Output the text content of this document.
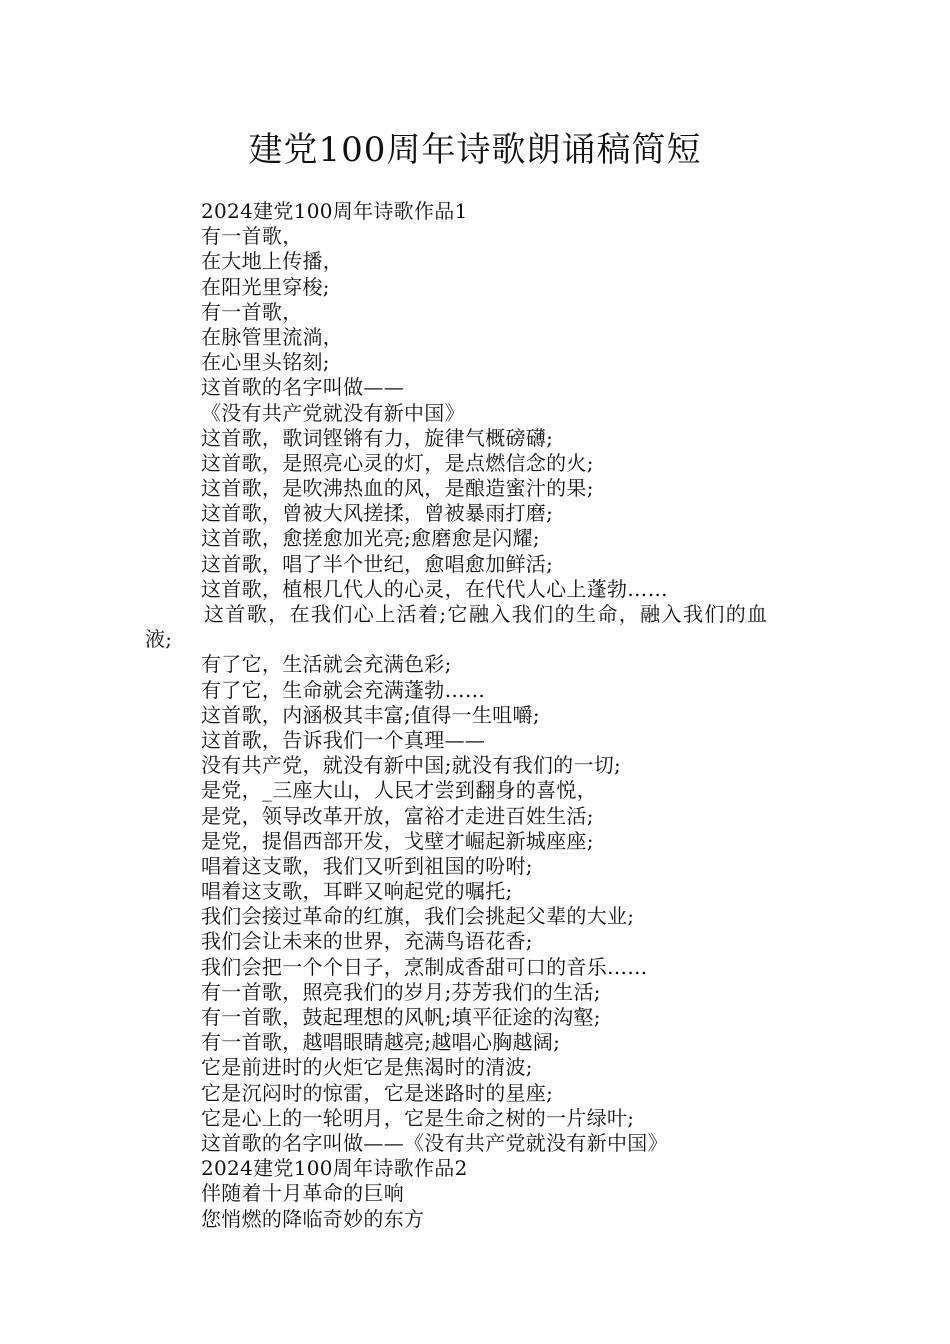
建党100周年诗歌朗诵稿简短
2024建党100周年诗歌作品1
有一首歌，
在大地上传播，
在阳光里穿梭;
有一首歌，
在脉管里流淌，
在心里头铭刻;
这首歌的名字叫做——
《没有共产党就没有新中国》
这首歌，歌词铿锵有力，旋律气概磅礴;
这首歌，是照亮心灵的灯，是点燃信念的火;
这首歌，是吹沸热血的风，是酿造蜜汁的果;
这首歌，曾被大风搓揉，曾被暴雨打磨;
这首歌，愈搓愈加光亮;愈磨愈是闪耀;
这首歌，唱了半个世纪，愈唱愈加鲜活;
这首歌，植根几代人的心灵，在代代人心上蓬勃……
这首歌，在我们心上活着;它融入我们的生命，融入我们的血
液;
有了它，生活就会充满色彩;
有了它，生命就会充满蓬勃……
这首歌，内涵极其丰富;值得一生咀嚼;
这首歌，告诉我们一个真理——
没有共产党，就没有新中国;就没有我们的一切;
是党，_三座大山，人民才尝到翻身的喜悦，
是党，领导改革开放，富裕才走进百姓生活;
是党，提倡西部开发，戈壁才崛起新城座座;
唱着这支歌，我们又听到祖国的吩咐;
唱着这支歌，耳畔又响起党的嘱托;
我们会接过革命的红旗，我们会挑起父辈的大业;
我们会让未来的世界，充满鸟语花香;
我们会把一个个日子，烹制成香甜可口的音乐……
有一首歌，照亮我们的岁月;芬芳我们的生活;
有一首歌，鼓起理想的风帆;填平征途的沟壑;
有一首歌，越唱眼睛越亮;越唱心胸越阔;
它是前进时的火炬它是焦渴时的清波;
它是沉闷时的惊雷，它是迷路时的星座;
它是心上的一轮明月，它是生命之树的一片绿叶;
这首歌的名字叫做——《没有共产党就没有新中国》
2024建党100周年诗歌作品2
伴随着十月革命的巨响
您悄燃的降临奇妙的东方
